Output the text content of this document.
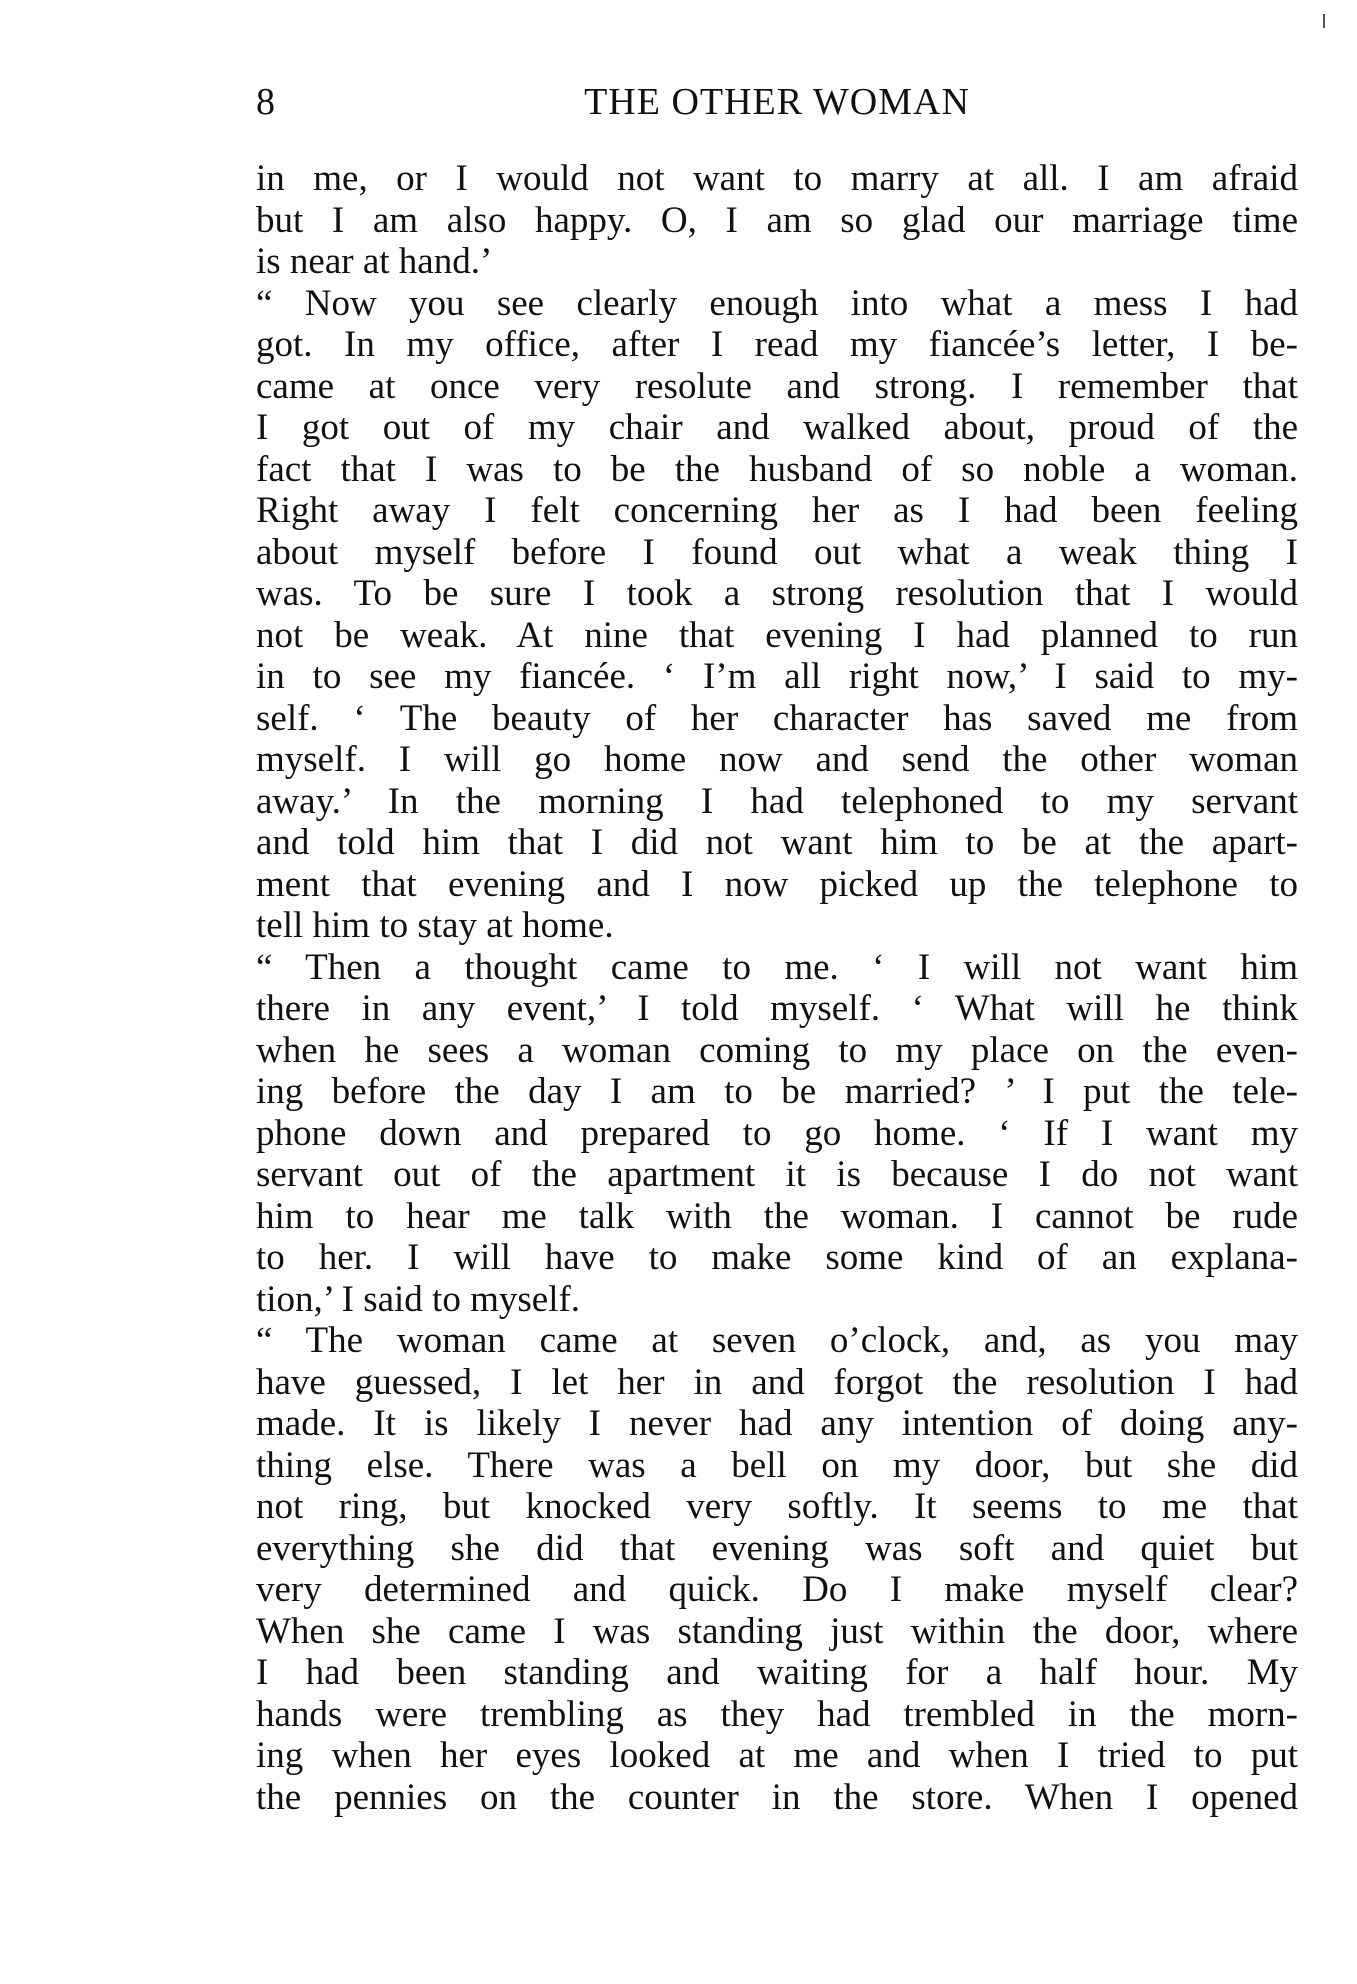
8	THE OTHER WOMAN
in me, or I would not want to marry at all. I am afraid
but I am also happy. O, I am so glad our marriage time
is near at hand.’
“ Now you see clearly enough into what a mess I had
got. In my office, after I read my fiancée’s letter, I be-
came at once very resolute and strong. I remember that
I got out of my chair and walked about, proud of the
fact that I was to be the husband of so noble a woman.
Right away I felt concerning her as I had been feeling
about myself before I found out what a weak thing I
was. To be sure I took a strong resolution that I would
not be weak. At nine that evening I had planned to run
in to see my fiancée. ‘ I’m all right now,’ I said to my-
self. ‘ The beauty of her character has saved me from
myself. I will go home now and send the other woman
away.’ In the morning I had telephoned to my servant
and told him that I did not want him to be at the apart-
ment that evening and I now picked up the telephone to
tell him to stay at home.
“ Then a thought came to me. ‘ I will not want him
there in any event,’ I told myself. ‘ What will he think
when he sees a woman coming to my place on the even-
ing before the day I am to be married? ’ I put the tele-
phone down and prepared to go home. ‘ If I want my
servant out of the apartment it is because I do not want
him to hear me talk with the woman. I cannot be rude
to her. I will have to make some kind of an explana-
tion,’ I said to myself.
“ The woman came at seven o’clock, and, as you may
have guessed, I let her in and forgot the resolution I had
made. It is likely I never had any intention of doing any-
thing else. There was a bell on my door, but she did
not ring, but knocked very softly. It seems to me that
everything she did that evening was soft and quiet but
very determined and quick. Do I make myself clear?
When she came I was standing just within the door, where
I had been standing and waiting for a half hour. My
hands were trembling as they had trembled in the morn-
ing when her eyes looked at me and when I tried to put
the pennies on the counter in the store. When I opened
